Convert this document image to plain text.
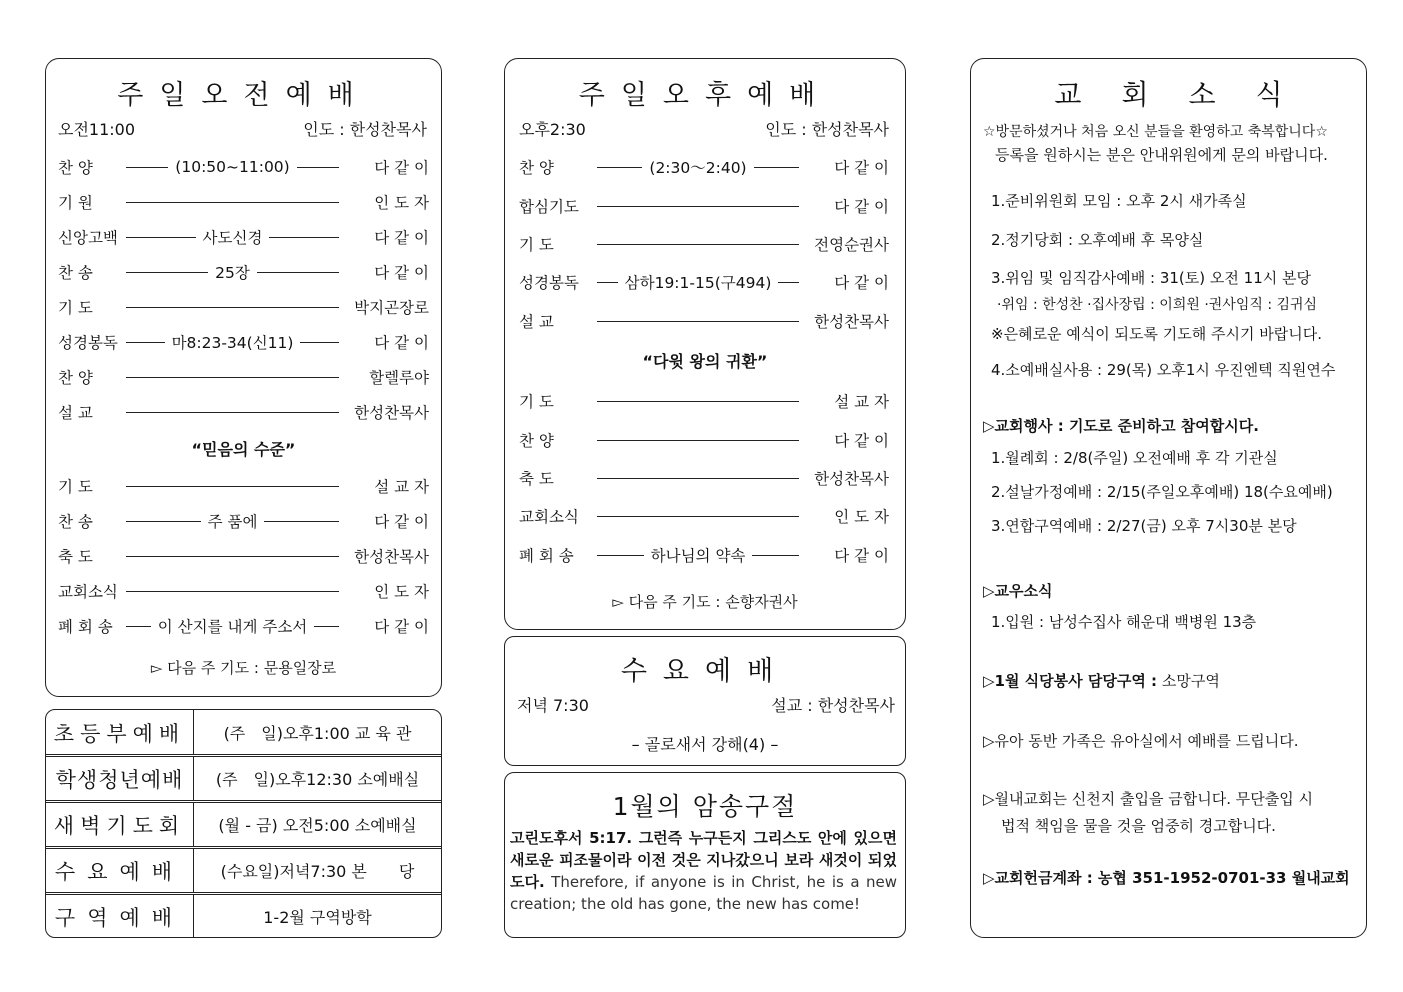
주일오전예배
오전11:00	인도 : 한성찬목사
찬 양	(10:50~11:00)	다 같 이
기 원	인 도 자
신앙고백	사도신경	다 같 이
찬 송	25장	다 같 이
기 도	박지곤장로
성경봉독	마8:23-34(신11)	다 같 이
찬 양	할렐루야
설 교	한성찬목사
“믿음의 수준”
기 도	설 교 자
찬 송	주 품에	다 같 이
축 도	한성찬목사
교회소식	인 도 자
폐 회 송	이 산지를 내게 주소서	다 같 이
▻ 다음 주 기도 : 문용일장로
초등부예배	(주　일)오후1:00 교 육 관
학생청년예배	(주　일)오후12:30 소예배실
새벽기도회	(월 - 금) 오전5:00 소예배실
수요예배	(수요일)저녁7:30 본　　당
구역예배	1-2월 구역방학
주일오후예배
오후2:30	인도 : 한성찬목사
찬 양	(2:30～2:40)	다 같 이
합심기도	다 같 이
기 도	전영순권사
성경봉독	삼하19:1-15(구494)	다 같 이
설 교	한성찬목사
“다윗 왕의 귀환”
기 도	설 교 자
찬 양	다 같 이
축 도	한성찬목사
교회소식	인 도 자
폐 회 송	하나님의 약속	다 같 이
▻ 다음 주 기도 : 손향자권사
수요예배
저녁 7:30	설교 : 한성찬목사
– 골로새서 강해(4) –
1월의 암송구절
고린도후서 5:17. 그런즉 누구든지 그리스도 안에 있으면 새로운 피조물이라 이전 것은 지나갔으니 보라 새것이 되었도다. Therefore, if anyone is in Christ, he is a new creation; the old has gone, the new has come!
교회소식
☆방문하셨거나 처음 오신 분들을 환영하고 축복합니다☆
등록을 원하시는 분은 안내위원에게 문의 바랍니다.
1.준비위원회 모임 : 오후 2시 새가족실
2.정기당회 : 오후예배 후 목양실
3.위임 및 임직감사예배 : 31(토) 오전 11시 본당
·위임 : 한성찬 ·집사장립 : 이희원 ·권사임직 : 김귀심
※은혜로운 예식이 되도록 기도해 주시기 바랍니다.
4.소예배실사용 : 29(목) 오후1시 우진엔텍 직원연수
▷교회행사 : 기도로 준비하고 참여합시다.
1.월례회 : 2/8(주일) 오전예배 후 각 기관실
2.설날가정예배 : 2/15(주일오후예배) 18(수요예배)
3.연합구역예배 : 2/27(금) 오후 7시30분 본당
▷교우소식
1.입원 : 남성수집사 해운대 백병원 13층
▷1월 식당봉사 담당구역 : 소망구역
▷유아 동반 가족은 유아실에서 예배를 드립니다.
▷월내교회는 신천지 출입을 금합니다. 무단출입 시
법적 책임을 물을 것을 엄중히 경고합니다.
▷교회헌금계좌 : 농협 351-1952-0701-33 월내교회
